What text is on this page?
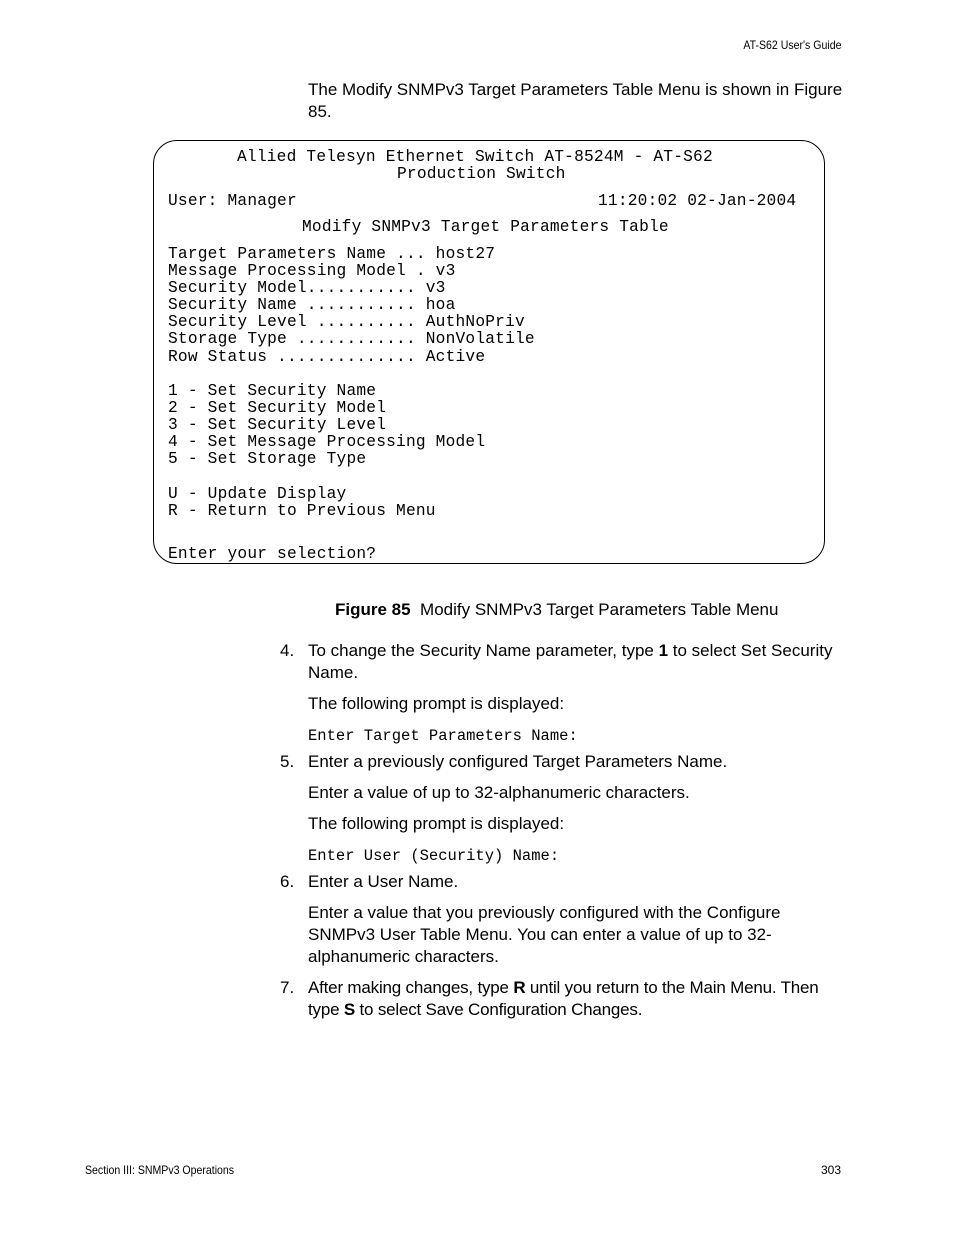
AT-S62 User's Guide
The Modify SNMPv3 Target Parameters Table Menu is shown in Figure 85.
Allied Telesyn Ethernet Switch AT-8524M - AT-S62
Production Switch
User: Manager	11:20:02 02-Jan-2004
Modify SNMPv3 Target Parameters Table
Target Parameters Name ... host27
Message Processing Model . v3
Security Model........... v3
Security Name ........... hoa
Security Level .......... AuthNoPriv
Storage Type ............ NonVolatile
Row Status .............. Active
1 - Set Security Name
2 - Set Security Model
3 - Set Security Level
4 - Set Message Processing Model
5 - Set Storage Type
U - Update Display
R - Return to Previous Menu
Enter your selection?
Figure 85 Modify SNMPv3 Target Parameters Table Menu
4. To change the Security Name parameter, type 1 to select Set Security Name.
The following prompt is displayed:
Enter Target Parameters Name:
5. Enter a previously configured Target Parameters Name.
Enter a value of up to 32-alphanumeric characters.
The following prompt is displayed:
Enter User (Security) Name:
6. Enter a User Name.
Enter a value that you previously configured with the Configure SNMPv3 User Table Menu. You can enter a value of up to 32-alphanumeric characters.
7. After making changes, type R until you return to the Main Menu. Then type S to select Save Configuration Changes.
Section III: SNMPv3 Operations	303
